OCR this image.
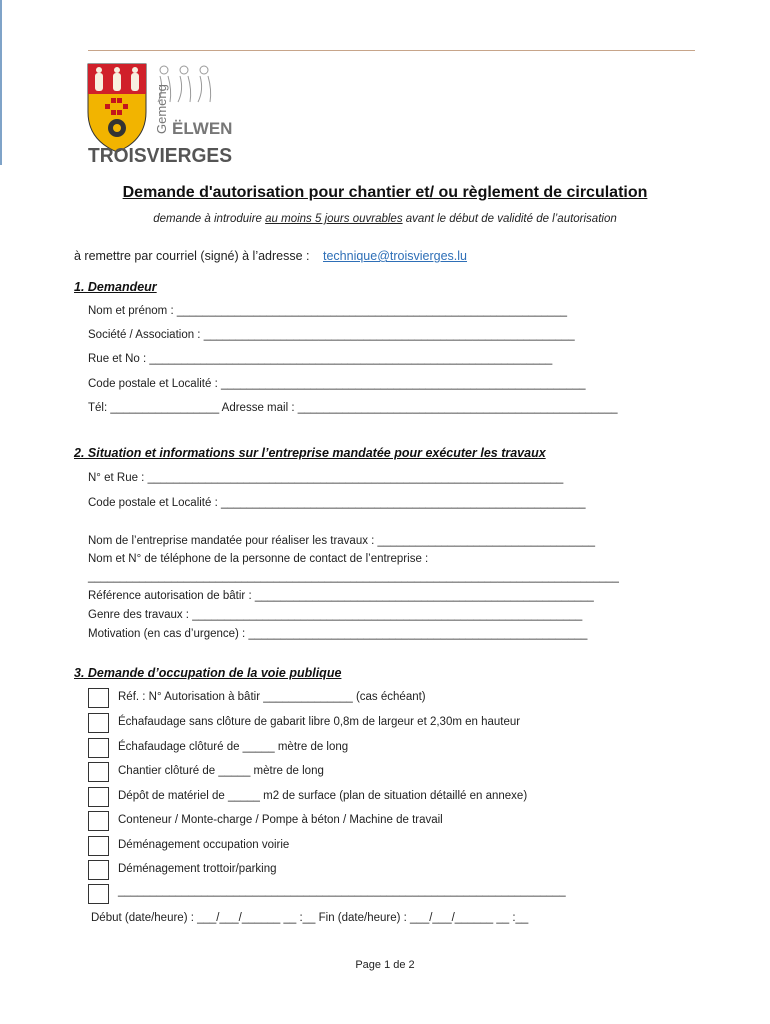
Gemeng ËLWEN
TROISVIERGES
Demande d'autorisation pour chantier et/ ou règlement de circulation
demande à introduire au moins 5 jours ouvrables avant le début de validité de l’autorisation
à remettre par courriel (signé) à l’adresse : technique@troisvierges.lu
1. Demandeur
Nom et prénom : _____________________________________________________________
Société / Association : __________________________________________________________
Rue et No : _______________________________________________________________
Code postale et Localité : _________________________________________________________
Tél: _________________ Adresse mail : __________________________________________________
2. Situation et informations sur l’entreprise mandatée pour exécuter les travaux
N° et Rue : _________________________________________________________________
Code postale et Localité : _________________________________________________________
Nom de l’entreprise mandatée pour réaliser les travaux : __________________________________
Nom et N° de téléphone de la personne de contact de l’entreprise :
___________________________________________________________________________________
Référence autorisation de bâtir : _____________________________________________________
Genre des travaux : _____________________________________________________________
Motivation (en cas d’urgence) : _____________________________________________________
3. Demande d’occupation de la voie publique
Réf. : N° Autorisation à bâtir ______________ (cas échéant)
Échafaudage sans clôture de gabarit libre 0,8m de largeur et 2,30m en hauteur
Échafaudage clôturé de _____ mètre de long
Chantier clôturé de _____ mètre de long
Dépôt de matériel de _____ m2 de surface (plan de situation détaillé en annexe)
Conteneur / Monte-charge / Pompe à béton / Machine de travail
Déménagement occupation voirie
Déménagement trottoir/parking
______________________________________________________________________
Début (date/heure) : ___/___/______ __ :__ Fin (date/heure) : ___/___/______ __ :__
Page 1 de 2
